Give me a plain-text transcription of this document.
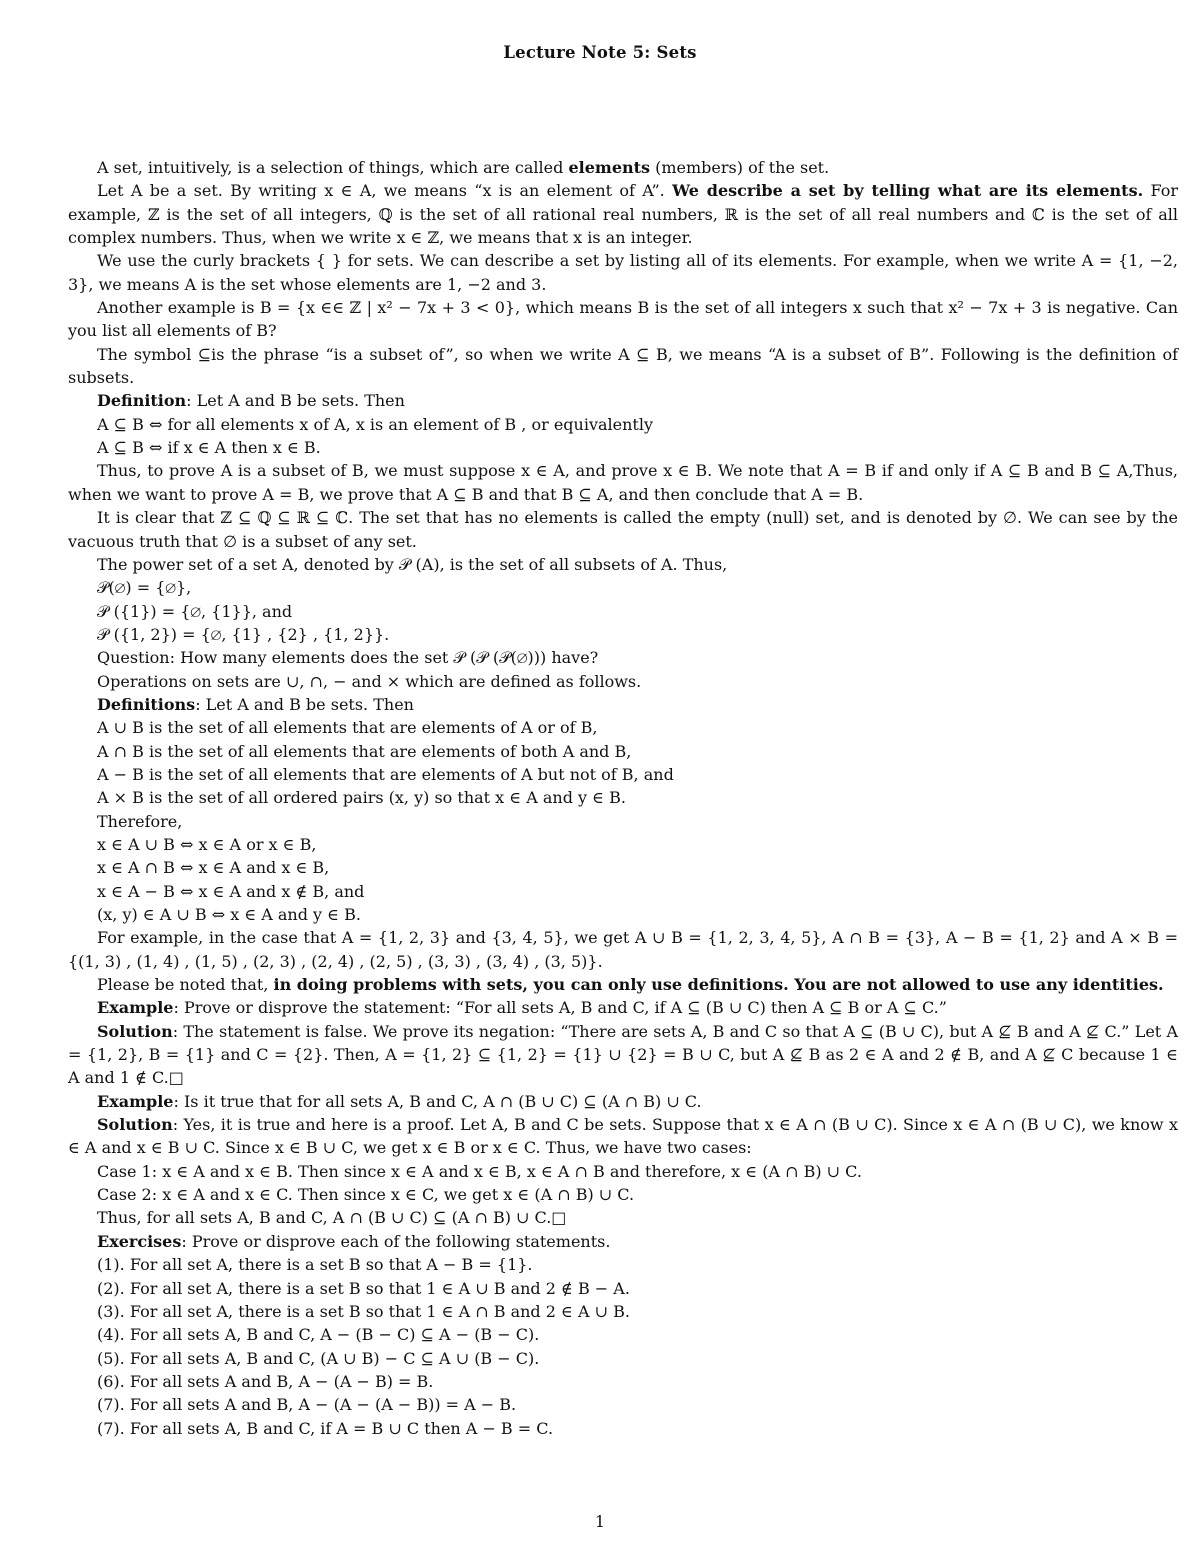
Lecture Note 5: Sets

A set, intuitively, is a selection of things, which are called elements (members) of the set.

Let A be a set. By writing x ∈ A, we means “x is an element of A”. We describe a set by telling what are its elements. For example, ℤ is the set of all integers, ℚ is the set of all rational real numbers, ℝ is the set of all real numbers and ℂ is the set of all complex numbers. Thus, when we write x ∈ ℤ, we means that x is an integer.

We use the curly brackets { } for sets. We can describe a set by listing all of its elements. For example, when we write A = {1, −2, 3}, we means A is the set whose elements are 1, −2 and 3.

Another example is B = {x ∈∈ ℤ | x² − 7x + 3 < 0}, which means B is the set of all integers x such that x² − 7x + 3 is negative. Can you list all elements of B?

The symbol ⊆is the phrase “is a subset of”, so when we write A ⊆ B, we means “A is a subset of B”. Following is the definition of subsets.

Definition: Let A and B be sets. Then

A ⊆ B ⇔ for all elements x of A, x is an element of B , or equivalently

A ⊆ B ⇔ if x ∈ A then x ∈ B.

Thus, to prove A is a subset of B, we must suppose x ∈ A, and prove x ∈ B. We note that A = B if and only if A ⊆ B and B ⊆ A,Thus, when we want to prove A = B, we prove that A ⊆ B and that B ⊆ A, and then conclude that A = B.

It is clear that ℤ ⊆ ℚ ⊆ ℝ ⊆ ℂ. The set that has no elements is called the empty (null) set, and is denoted by ∅. We can see by the vacuous truth that ∅ is a subset of any set.

The power set of a set A, denoted by 𝒫 (A), is the set of all subsets of A. Thus,

𝒫(∅) = {∅},

𝒫 ({1}) = {∅, {1}}, and

𝒫 ({1, 2}) = {∅, {1} , {2} , {1, 2}}.

Question: How many elements does the set 𝒫 (𝒫 (𝒫(∅))) have?

Operations on sets are ∪, ∩, − and × which are defined as follows.

Definitions: Let A and B be sets. Then

A ∪ B is the set of all elements that are elements of A or of B,

A ∩ B is the set of all elements that are elements of both A and B,

A − B is the set of all elements that are elements of A but not of B, and

A × B is the set of all ordered pairs (x, y) so that x ∈ A and y ∈ B.

Therefore,

x ∈ A ∪ B ⇔ x ∈ A or x ∈ B,

x ∈ A ∩ B ⇔ x ∈ A and x ∈ B,

x ∈ A − B ⇔ x ∈ A and x ∉ B, and

(x, y) ∈ A ∪ B ⇔ x ∈ A and y ∈ B.

For example, in the case that A = {1, 2, 3} and {3, 4, 5}, we get A ∪ B = {1, 2, 3, 4, 5}, A ∩ B = {3}, A − B = {1, 2} and A × B = {(1, 3) , (1, 4) , (1, 5) , (2, 3) , (2, 4) , (2, 5) , (3, 3) , (3, 4) , (3, 5)}.

Please be noted that, in doing problems with sets, you can only use definitions. You are not allowed to use any identities.

Example: Prove or disprove the statement: “For all sets A, B and C, if A ⊆ (B ∪ C) then A ⊆ B or A ⊆ C.”

Solution: The statement is false. We prove its negation: “There are sets A, B and C so that A ⊆ (B ∪ C), but A ⊈ B and A ⊈ C.” Let A = {1, 2}, B = {1} and C = {2}. Then, A = {1, 2} ⊆ {1, 2} = {1} ∪ {2} = B ∪ C, but A ⊈ B as 2 ∈ A and 2 ∉ B, and A ⊈ C because 1 ∈ A and 1 ∉ C.□

Example: Is it true that for all sets A, B and C, A ∩ (B ∪ C) ⊆ (A ∩ B) ∪ C.

Solution: Yes, it is true and here is a proof. Let A, B and C be sets. Suppose that x ∈ A ∩ (B ∪ C). Since x ∈ A ∩ (B ∪ C), we know x ∈ A and x ∈ B ∪ C. Since x ∈ B ∪ C, we get x ∈ B or x ∈ C. Thus, we have two cases:

Case 1: x ∈ A and x ∈ B. Then since x ∈ A and x ∈ B, x ∈ A ∩ B and therefore, x ∈ (A ∩ B) ∪ C.

Case 2: x ∈ A and x ∈ C. Then since x ∈ C, we get x ∈ (A ∩ B) ∪ C.

Thus, for all sets A, B and C, A ∩ (B ∪ C) ⊆ (A ∩ B) ∪ C.□

Exercises: Prove or disprove each of the following statements.

(1). For all set A, there is a set B so that A − B = {1}.

(2). For all set A, there is a set B so that 1 ∈ A ∪ B and 2 ∉ B − A.

(3). For all set A, there is a set B so that 1 ∈ A ∩ B and 2 ∈ A ∪ B.

(4). For all sets A, B and C, A − (B − C) ⊆ A − (B − C).

(5). For all sets A, B and C, (A ∪ B) − C ⊆ A ∪ (B − C).

(6). For all sets A and B, A − (A − B) = B.

(7). For all sets A and B, A − (A − (A − B)) = A − B.

(7). For all sets A, B and C, if A = B ∪ C then A − B = C.

1
